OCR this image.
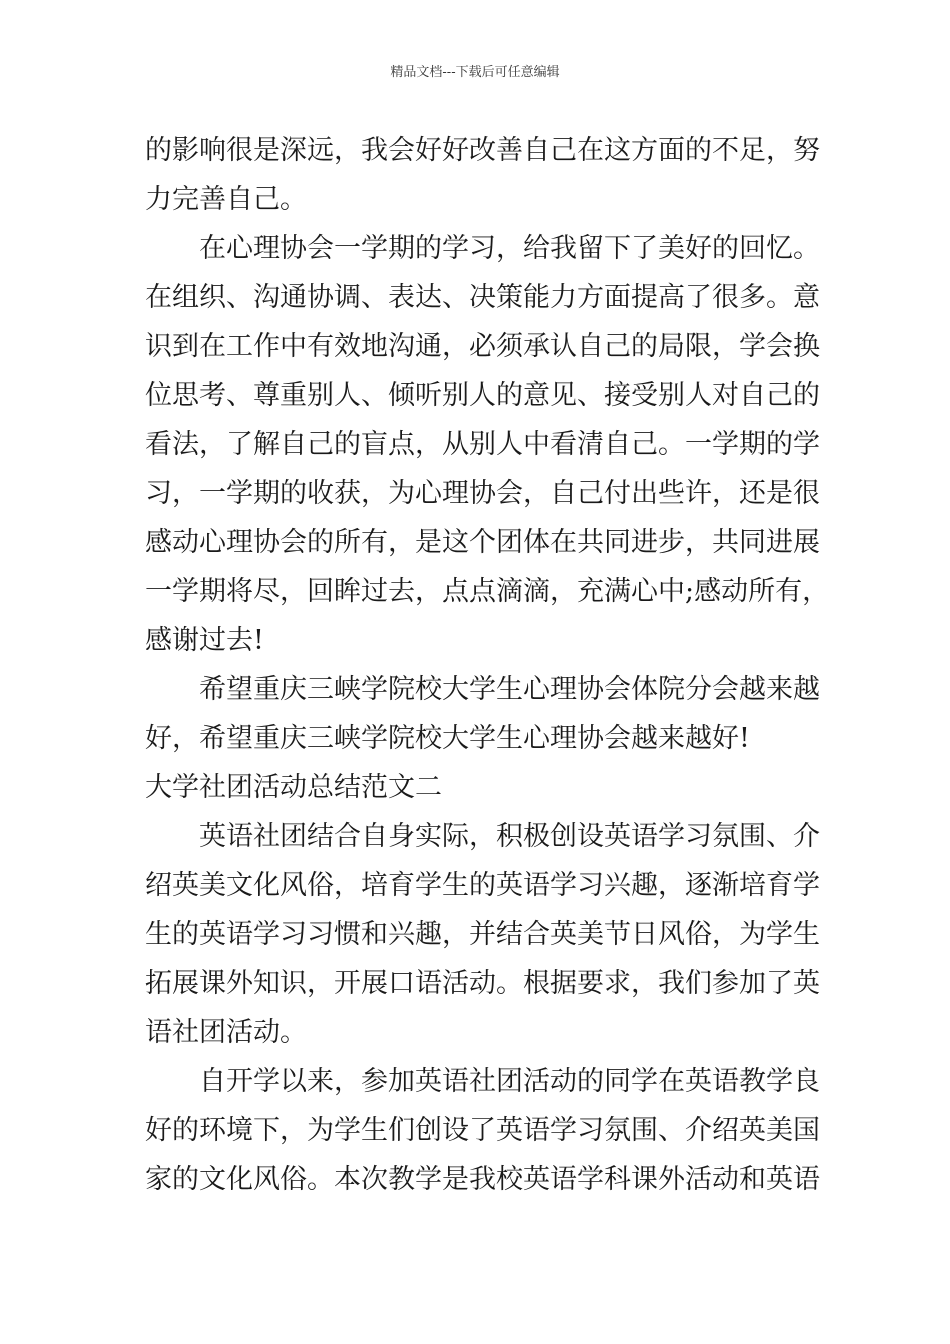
精品文档---下载后可任意编辑
的影响很是深远，我会好好改善自己在这方面的不足，努
力完善自己。
在心理协会一学期的学习，给我留下了美好的回忆。
在组织、沟通协调、表达、决策能力方面提高了很多。意
识到在工作中有效地沟通，必须承认自己的局限，学会换
位思考、尊重别人、倾听别人的意见、接受别人对自己的
看法，了解自己的盲点，从别人中看清自己。一学期的学
习，一学期的收获，为心理协会，自己付出些许，还是很
感动心理协会的所有，是这个团体在共同进步，共同进展
一学期将尽，回眸过去，点点滴滴，充满心中;感动所有，
感谢过去!
希望重庆三峡学院校大学生心理协会体院分会越来越
好，希望重庆三峡学院校大学生心理协会越来越好!
大学社团活动总结范文二
英语社团结合自身实际，积极创设英语学习氛围、介
绍英美文化风俗，培育学生的英语学习兴趣，逐渐培育学
生的英语学习习惯和兴趣，并结合英美节日风俗，为学生
拓展课外知识，开展口语活动。根据要求，我们参加了英
语社团活动。
自开学以来，参加英语社团活动的同学在英语教学良
好的环境下，为学生们创设了英语学习氛围、介绍英美国
家的文化风俗。本次教学是我校英语学科课外活动和英语
